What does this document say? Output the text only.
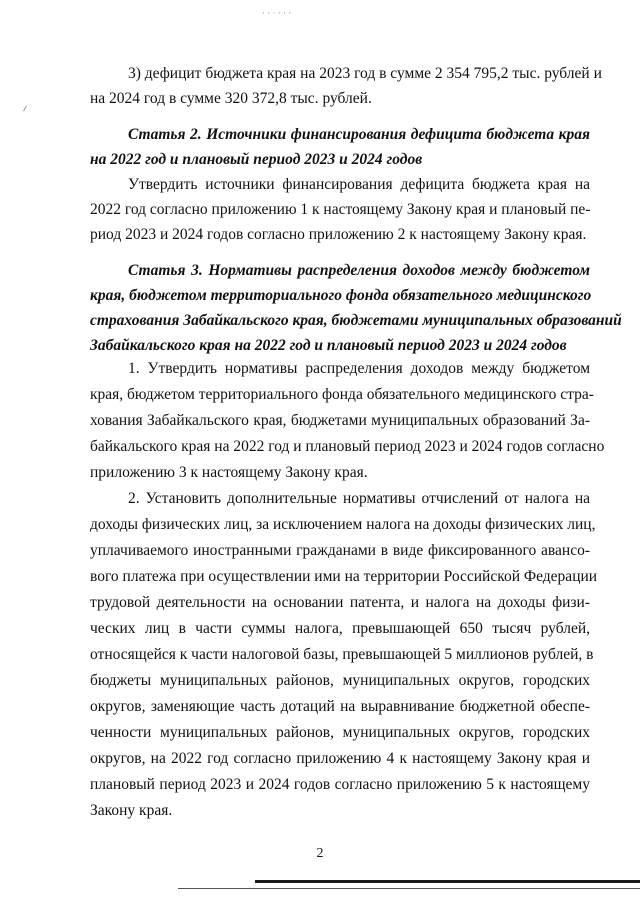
· · · · · ·
3) дефицит бюджета края на 2023 год в сумме 2 354 795,2 тыс. рублей и
на 2024 год в сумме 320 372,8 тыс. рублей.
Статья 2. Источники финансирования дефицита бюджета края
на 2022 год и плановый период 2023 и 2024 годов
Утвердить источники финансирования дефицита бюджета края на
2022 год согласно приложению 1 к настоящему Закону края и плановый пе-
риод 2023 и 2024 годов согласно приложению 2 к настоящему Закону края.
Статья 3. Нормативы распределения доходов между бюджетом
края, бюджетом территориального фонда обязательного медицинского
страхования Забайкальского края, бюджетами муниципальных образований
Забайкальского края на 2022 год и плановый период 2023 и 2024 годов
1. Утвердить нормативы распределения доходов между бюджетом
края, бюджетом территориального фонда обязательного медицинского стра-
хования Забайкальского края, бюджетами муниципальных образований За-
байкальского края на 2022 год и плановый период 2023 и 2024 годов согласно
приложению 3 к настоящему Закону края.
2. Установить дополнительные нормативы отчислений от налога на
доходы физических лиц, за исключением налога на доходы физических лиц,
уплачиваемого иностранными гражданами в виде фиксированного авансо-
вого платежа при осуществлении ими на территории Российской Федерации
трудовой деятельности на основании патента, и налога на доходы физи-
ческих лиц в части суммы налога, превышающей 650 тысяч рублей,
относящейся к части налоговой базы, превышающей 5 миллионов рублей, в
бюджеты муниципальных районов, муниципальных округов, городских
округов, заменяющие часть дотаций на выравнивание бюджетной обеспе-
ченности муниципальных районов, муниципальных округов, городских
округов, на 2022 год согласно приложению 4 к настоящему Закону края и
плановый период 2023 и 2024 годов согласно приложению 5 к настоящему
Закону края.
2
